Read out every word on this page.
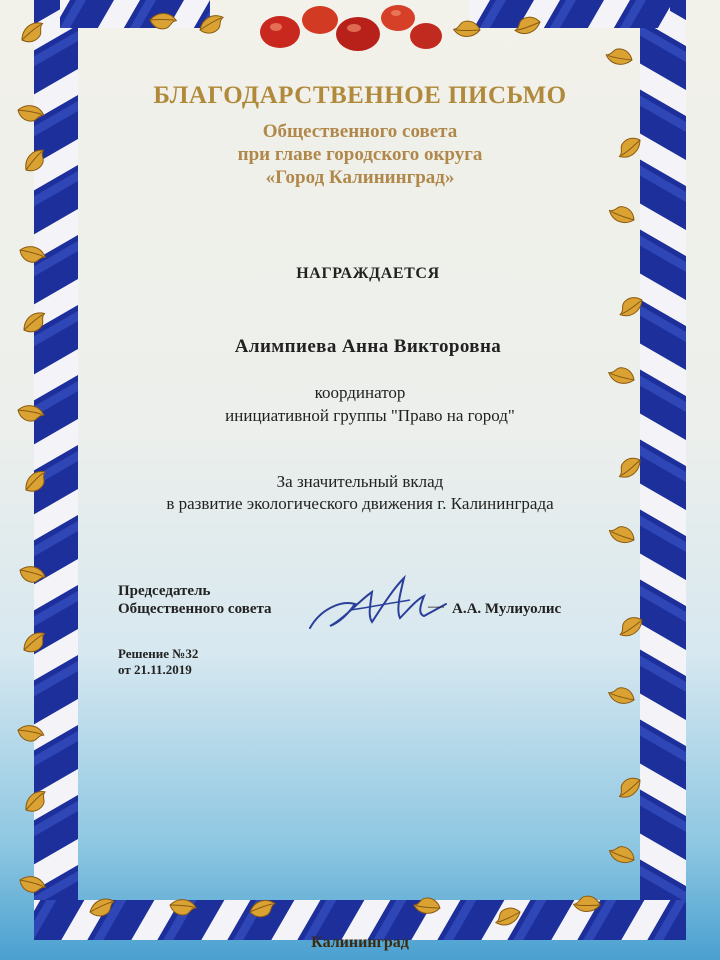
БЛАГОДАРСТВЕННОЕ ПИСЬМО
Общественного совета
при главе городского округа
«Город Калининград»
НАГРАЖДАЕТСЯ
Алимпиева Анна Викторовна
координатор
инициативной группы "Право на город"
За значительный вклад
в развитие экологического движения г. Калининграда
Председатель
Общественного совета	— А.А. Мулиуолис
Решение №32
от 21.11.2019
Калининград
